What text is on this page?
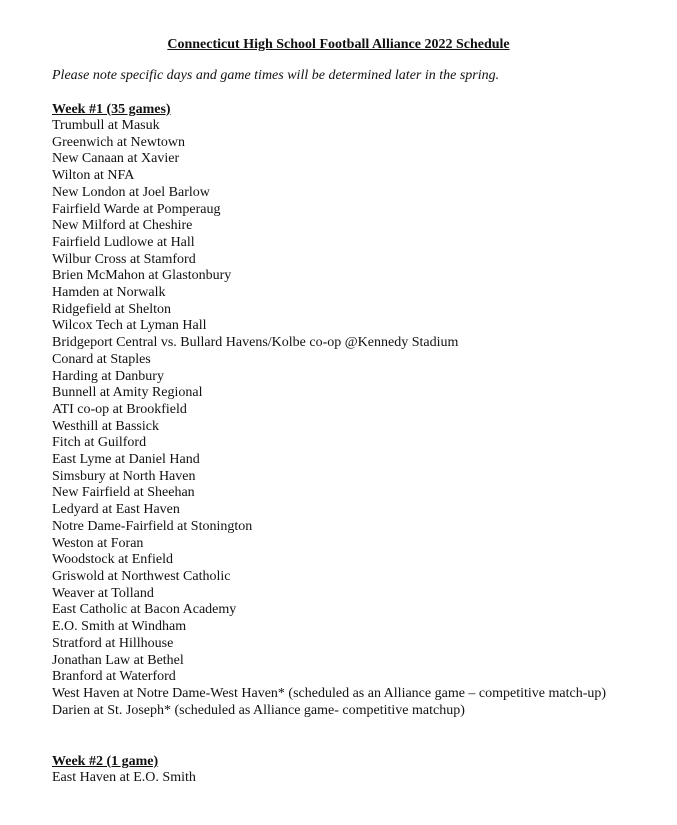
Connecticut High School Football Alliance 2022 Schedule
Please note specific days and game times will be determined later in the spring.
Week #1 (35 games)
Trumbull at Masuk
Greenwich at Newtown
New Canaan at Xavier
Wilton at NFA
New London at Joel Barlow
Fairfield Warde at Pomperaug
New Milford at Cheshire
Fairfield Ludlowe at Hall
Wilbur Cross at Stamford
Brien McMahon at Glastonbury
Hamden at Norwalk
Ridgefield at Shelton
Wilcox Tech at Lyman Hall
Bridgeport Central vs. Bullard Havens/Kolbe co-op @Kennedy Stadium
Conard at Staples
Harding at Danbury
Bunnell at Amity Regional
ATI co-op at Brookfield
Westhill at Bassick
Fitch at Guilford
East Lyme at Daniel Hand
Simsbury at North Haven
New Fairfield at Sheehan
Ledyard at East Haven
Notre Dame-Fairfield at Stonington
Weston at Foran
Woodstock at Enfield
Griswold at Northwest Catholic
Weaver at Tolland
East Catholic at Bacon Academy
E.O. Smith at Windham
Stratford at Hillhouse
Jonathan Law at Bethel
Branford at Waterford
West Haven at Notre Dame-West Haven* (scheduled as an Alliance game – competitive match-up)
Darien at St. Joseph* (scheduled as Alliance game- competitive matchup)
Week #2 (1 game)
East Haven at E.O. Smith
